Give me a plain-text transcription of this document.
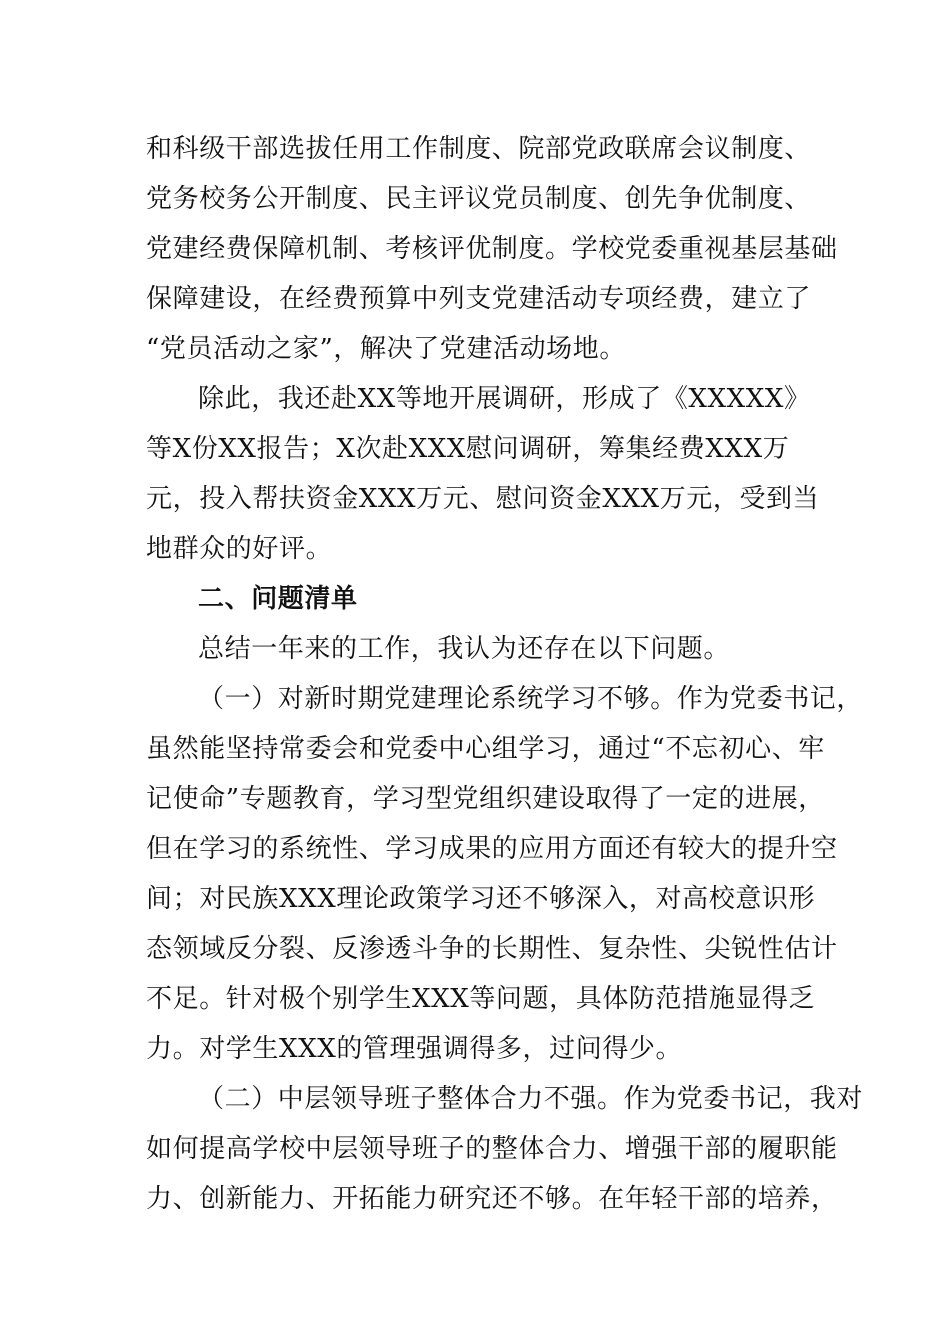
和科级干部选拔任用工作制度、院部党政联席会议制度、
党务校务公开制度、民主评议党员制度、创先争优制度、
党建经费保障机制、考核评优制度。学校党委重视基层基础
保障建设，在经费预算中列支党建活动专项经费，建立了
“党员活动之家”，解决了党建活动场地。
除此，我还赴XX等地开展调研，形成了《XXXXX》
等X份XX报告；X次赴XXX慰问调研，筹集经费XXX万
元，投入帮扶资金XXX万元、慰问资金XXX万元，受到当
地群众的好评。
二、问题清单
总结一年来的工作，我认为还存在以下问题。
（一）对新时期党建理论系统学习不够。作为党委书记，
虽然能坚持常委会和党委中心组学习，通过“不忘初心、牢
记使命”专题教育，学习型党组织建设取得了一定的进展，
但在学习的系统性、学习成果的应用方面还有较大的提升空
间；对民族XXX理论政策学习还不够深入，对高校意识形
态领域反分裂、反渗透斗争的长期性、复杂性、尖锐性估计
不足。针对极个别学生XXX等问题，具体防范措施显得乏
力。对学生XXX的管理强调得多，过问得少。
（二）中层领导班子整体合力不强。作为党委书记，我对
如何提高学校中层领导班子的整体合力、增强干部的履职能
力、创新能力、开拓能力研究还不够。在年轻干部的培养，
